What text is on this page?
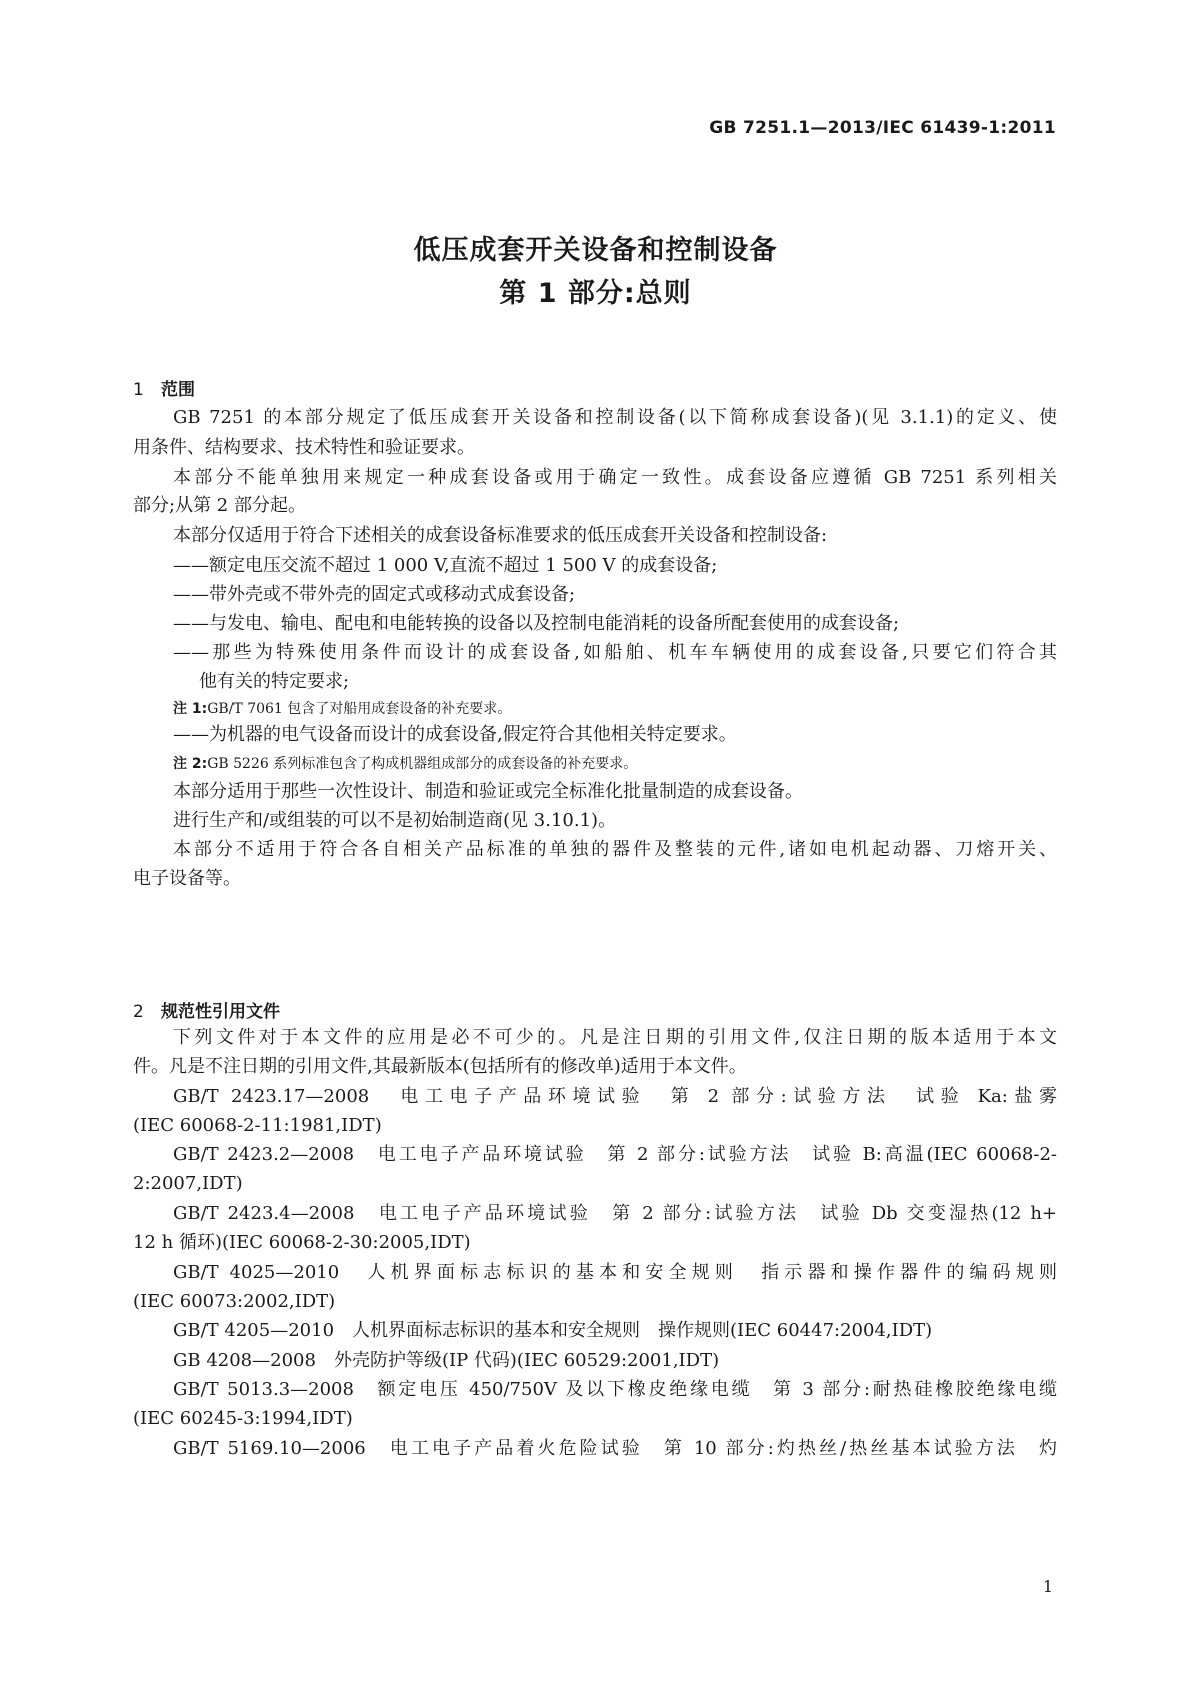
GB 7251.1—2013/IEC 61439-1:2011
低压成套开关设备和控制设备
第 1 部分:总则
1 范围
GB 7251 的本部分规定了低压成套开关设备和控制设备(以下简称成套设备)(见 3.1.1)的定义、使
用条件、结构要求、技术特性和验证要求。
本部分不能单独用来规定一种成套设备或用于确定一致性。成套设备应遵循 GB 7251 系列相关
部分;从第 2 部分起。
本部分仅适用于符合下述相关的成套设备标准要求的低压成套开关设备和控制设备:
——额定电压交流不超过 1 000 V,直流不超过 1 500 V 的成套设备;
——带外壳或不带外壳的固定式或移动式成套设备;
——与发电、输电、配电和电能转换的设备以及控制电能消耗的设备所配套使用的成套设备;
——那些为特殊使用条件而设计的成套设备,如船舶、机车车辆使用的成套设备,只要它们符合其
他有关的特定要求;
注 1:GB/T 7061 包含了对船用成套设备的补充要求。
——为机器的电气设备而设计的成套设备,假定符合其他相关特定要求。
注 2:GB 5226 系列标准包含了构成机器组成部分的成套设备的补充要求。
本部分适用于那些一次性设计、制造和验证或完全标准化批量制造的成套设备。
进行生产和/或组装的可以不是初始制造商(见 3.10.1)。
本部分不适用于符合各自相关产品标准的单独的器件及整装的元件,诸如电机起动器、刀熔开关、
电子设备等。
2 规范性引用文件
下列文件对于本文件的应用是必不可少的。凡是注日期的引用文件,仅注日期的版本适用于本文
件。凡是不注日期的引用文件,其最新版本(包括所有的修改单)适用于本文件。
GB/T 2423.17—2008　电工电子产品环境试验　第 2 部分:试验方法　试验 Ka:盐雾
(IEC 60068-2-11:1981,IDT)
GB/T 2423.2—2008　电工电子产品环境试验　第 2 部分:试验方法　试验 B:高温(IEC 60068-2-
2:2007,IDT)
GB/T 2423.4—2008　电工电子产品环境试验　第 2 部分:试验方法　试验 Db 交变湿热(12 h+
12 h 循环)(IEC 60068-2-30:2005,IDT)
GB/T 4025—2010　人机界面标志标识的基本和安全规则　指示器和操作器件的编码规则
(IEC 60073:2002,IDT)
GB/T 4205—2010　人机界面标志标识的基本和安全规则　操作规则(IEC 60447:2004,IDT)
GB 4208—2008　外壳防护等级(IP 代码)(IEC 60529:2001,IDT)
GB/T 5013.3—2008　额定电压 450/750V 及以下橡皮绝缘电缆　第 3 部分:耐热硅橡胶绝缘电缆
(IEC 60245-3:1994,IDT)
GB/T 5169.10—2006　电工电子产品着火危险试验　第 10 部分:灼热丝/热丝基本试验方法　灼
1
